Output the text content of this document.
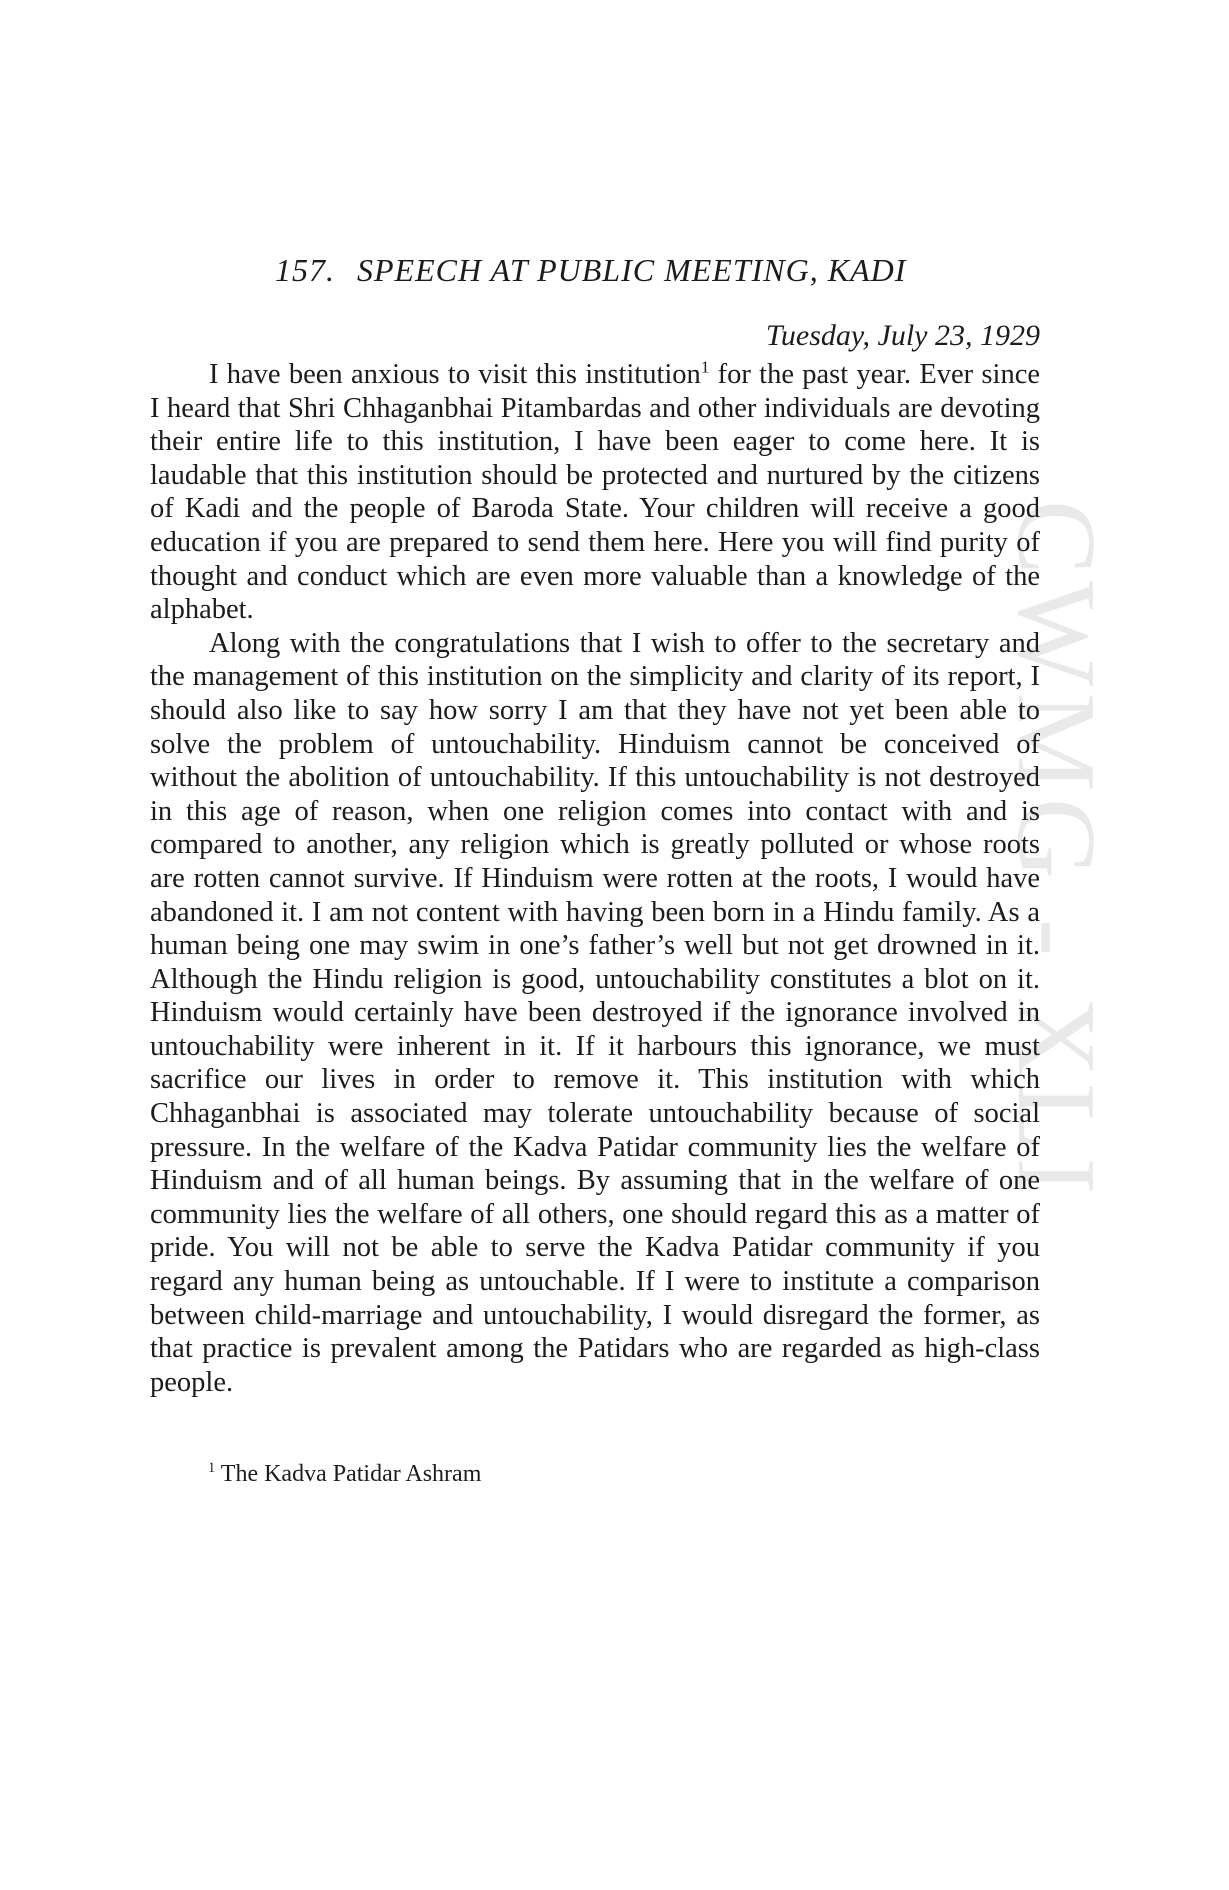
CWMG - XLI
157. SPEECH AT PUBLIC MEETING, KADI

Tuesday, July 23, 1929

I have been anxious to visit this institution$^1$ for the past year. Ever since I heard that Shri Chhaganbhai Pitambardas and other individuals are devoting their entire life to this institution, I have been eager to come here. It is laudable that this institution should be protected and nurtured by the citizens of Kadi and the people of Baroda State. Your children will receive a good education if you are prepared to send them here. Here you will find purity of thought and conduct which are even more valuable than a knowledge of the alphabet.

Along with the congratulations that I wish to offer to the secretary and the management of this institution on the simplicity and clarity of its report, I should also like to say how sorry I am that they have not yet been able to solve the problem of untouchability. Hinduism cannot be conceived of without the abolition of untouchability. If this untouchability is not destroyed in this age of reason, when one religion comes into contact with and is compared to another, any religion which is greatly polluted or whose roots are rotten cannot survive. If Hinduism were rotten at the roots, I would have abandoned it. I am not content with having been born in a Hindu family. As a human being one may swim in one’s father’s well but not get drowned in it. Although the Hindu religion is good, untouchability constitutes a blot on it. Hinduism would certainly have been destroyed if the ignorance involved in untouchability were inherent in it. If it harbours this ignorance, we must sacrifice our lives in order to remove it. This institution with which Chhaganbhai is associated may tolerate untouchability because of social pressure. In the welfare of the Kadva Patidar community lies the welfare of Hinduism and of all human beings. By assuming that in the welfare of one community lies the welfare of all others, one should regard this as a matter of pride. You will not be able to serve the Kadva Patidar community if you regard any human being as untouchable. If I were to institute a comparison between child-marriage and untouchability, I would disregard the former, as that practice is prevalent among the Patidars who are regarded as high-class people.

$^1$ The Kadva Patidar Ashram
